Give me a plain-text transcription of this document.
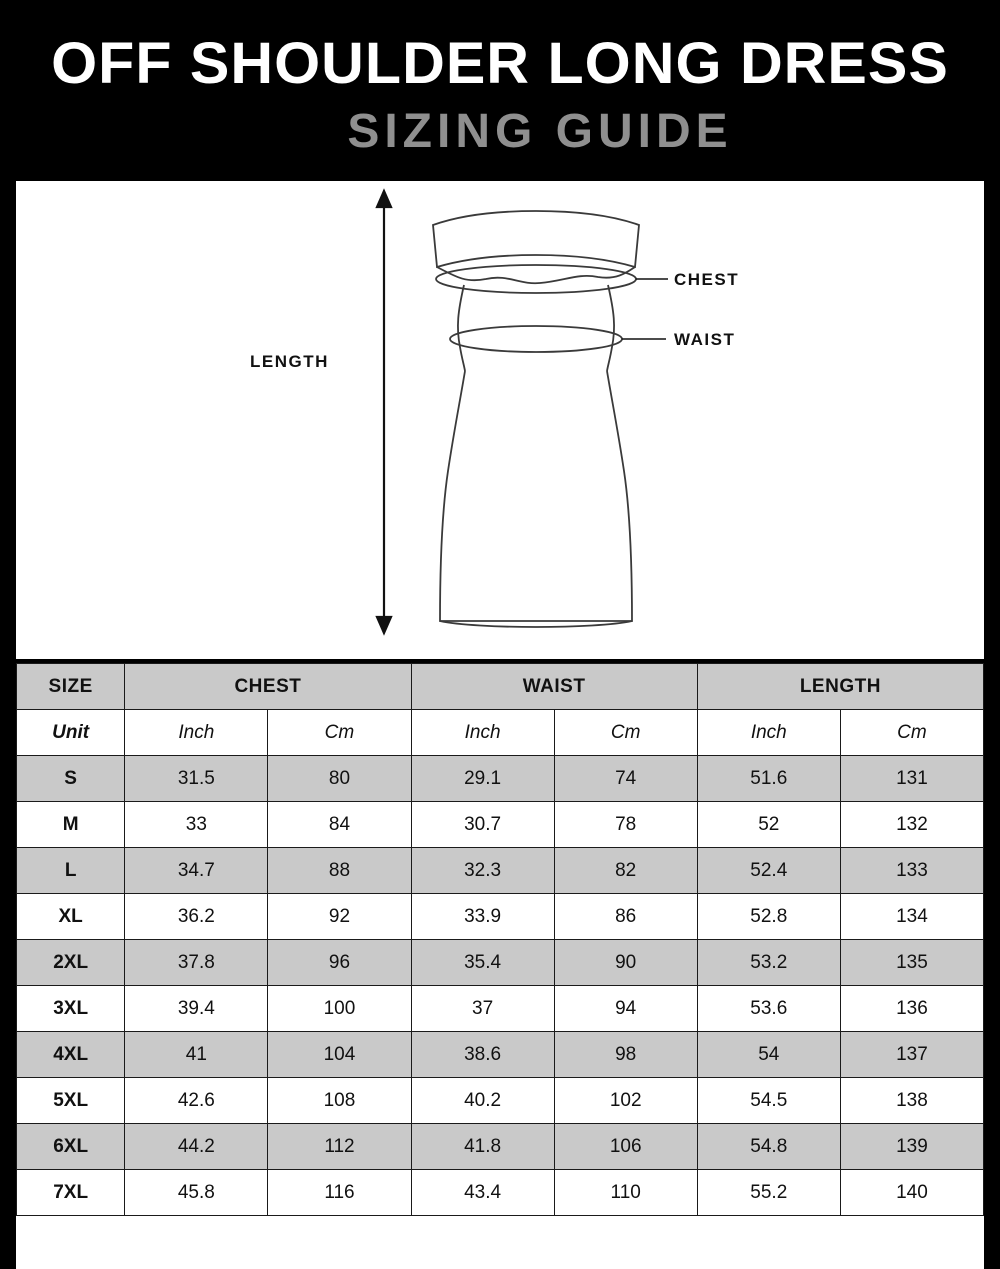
OFF SHOULDER LONG DRESS
SIZING GUIDE
CHEST
WAIST
LENGTH
SIZE	CHEST		WAIST		LENGTH	
Unit	Inch	Cm	Inch	Cm	Inch	Cm
S	31.5	80	29.1	74	51.6	131
M	33	84	30.7	78	52	132
L	34.7	88	32.3	82	52.4	133
XL	36.2	92	33.9	86	52.8	134
2XL	37.8	96	35.4	90	53.2	135
3XL	39.4	100	37	94	53.6	136
4XL	41	104	38.6	98	54	137
5XL	42.6	108	40.2	102	54.5	138
6XL	44.2	112	41.8	106	54.8	139
7XL	45.8	116	43.4	110	55.2	140
